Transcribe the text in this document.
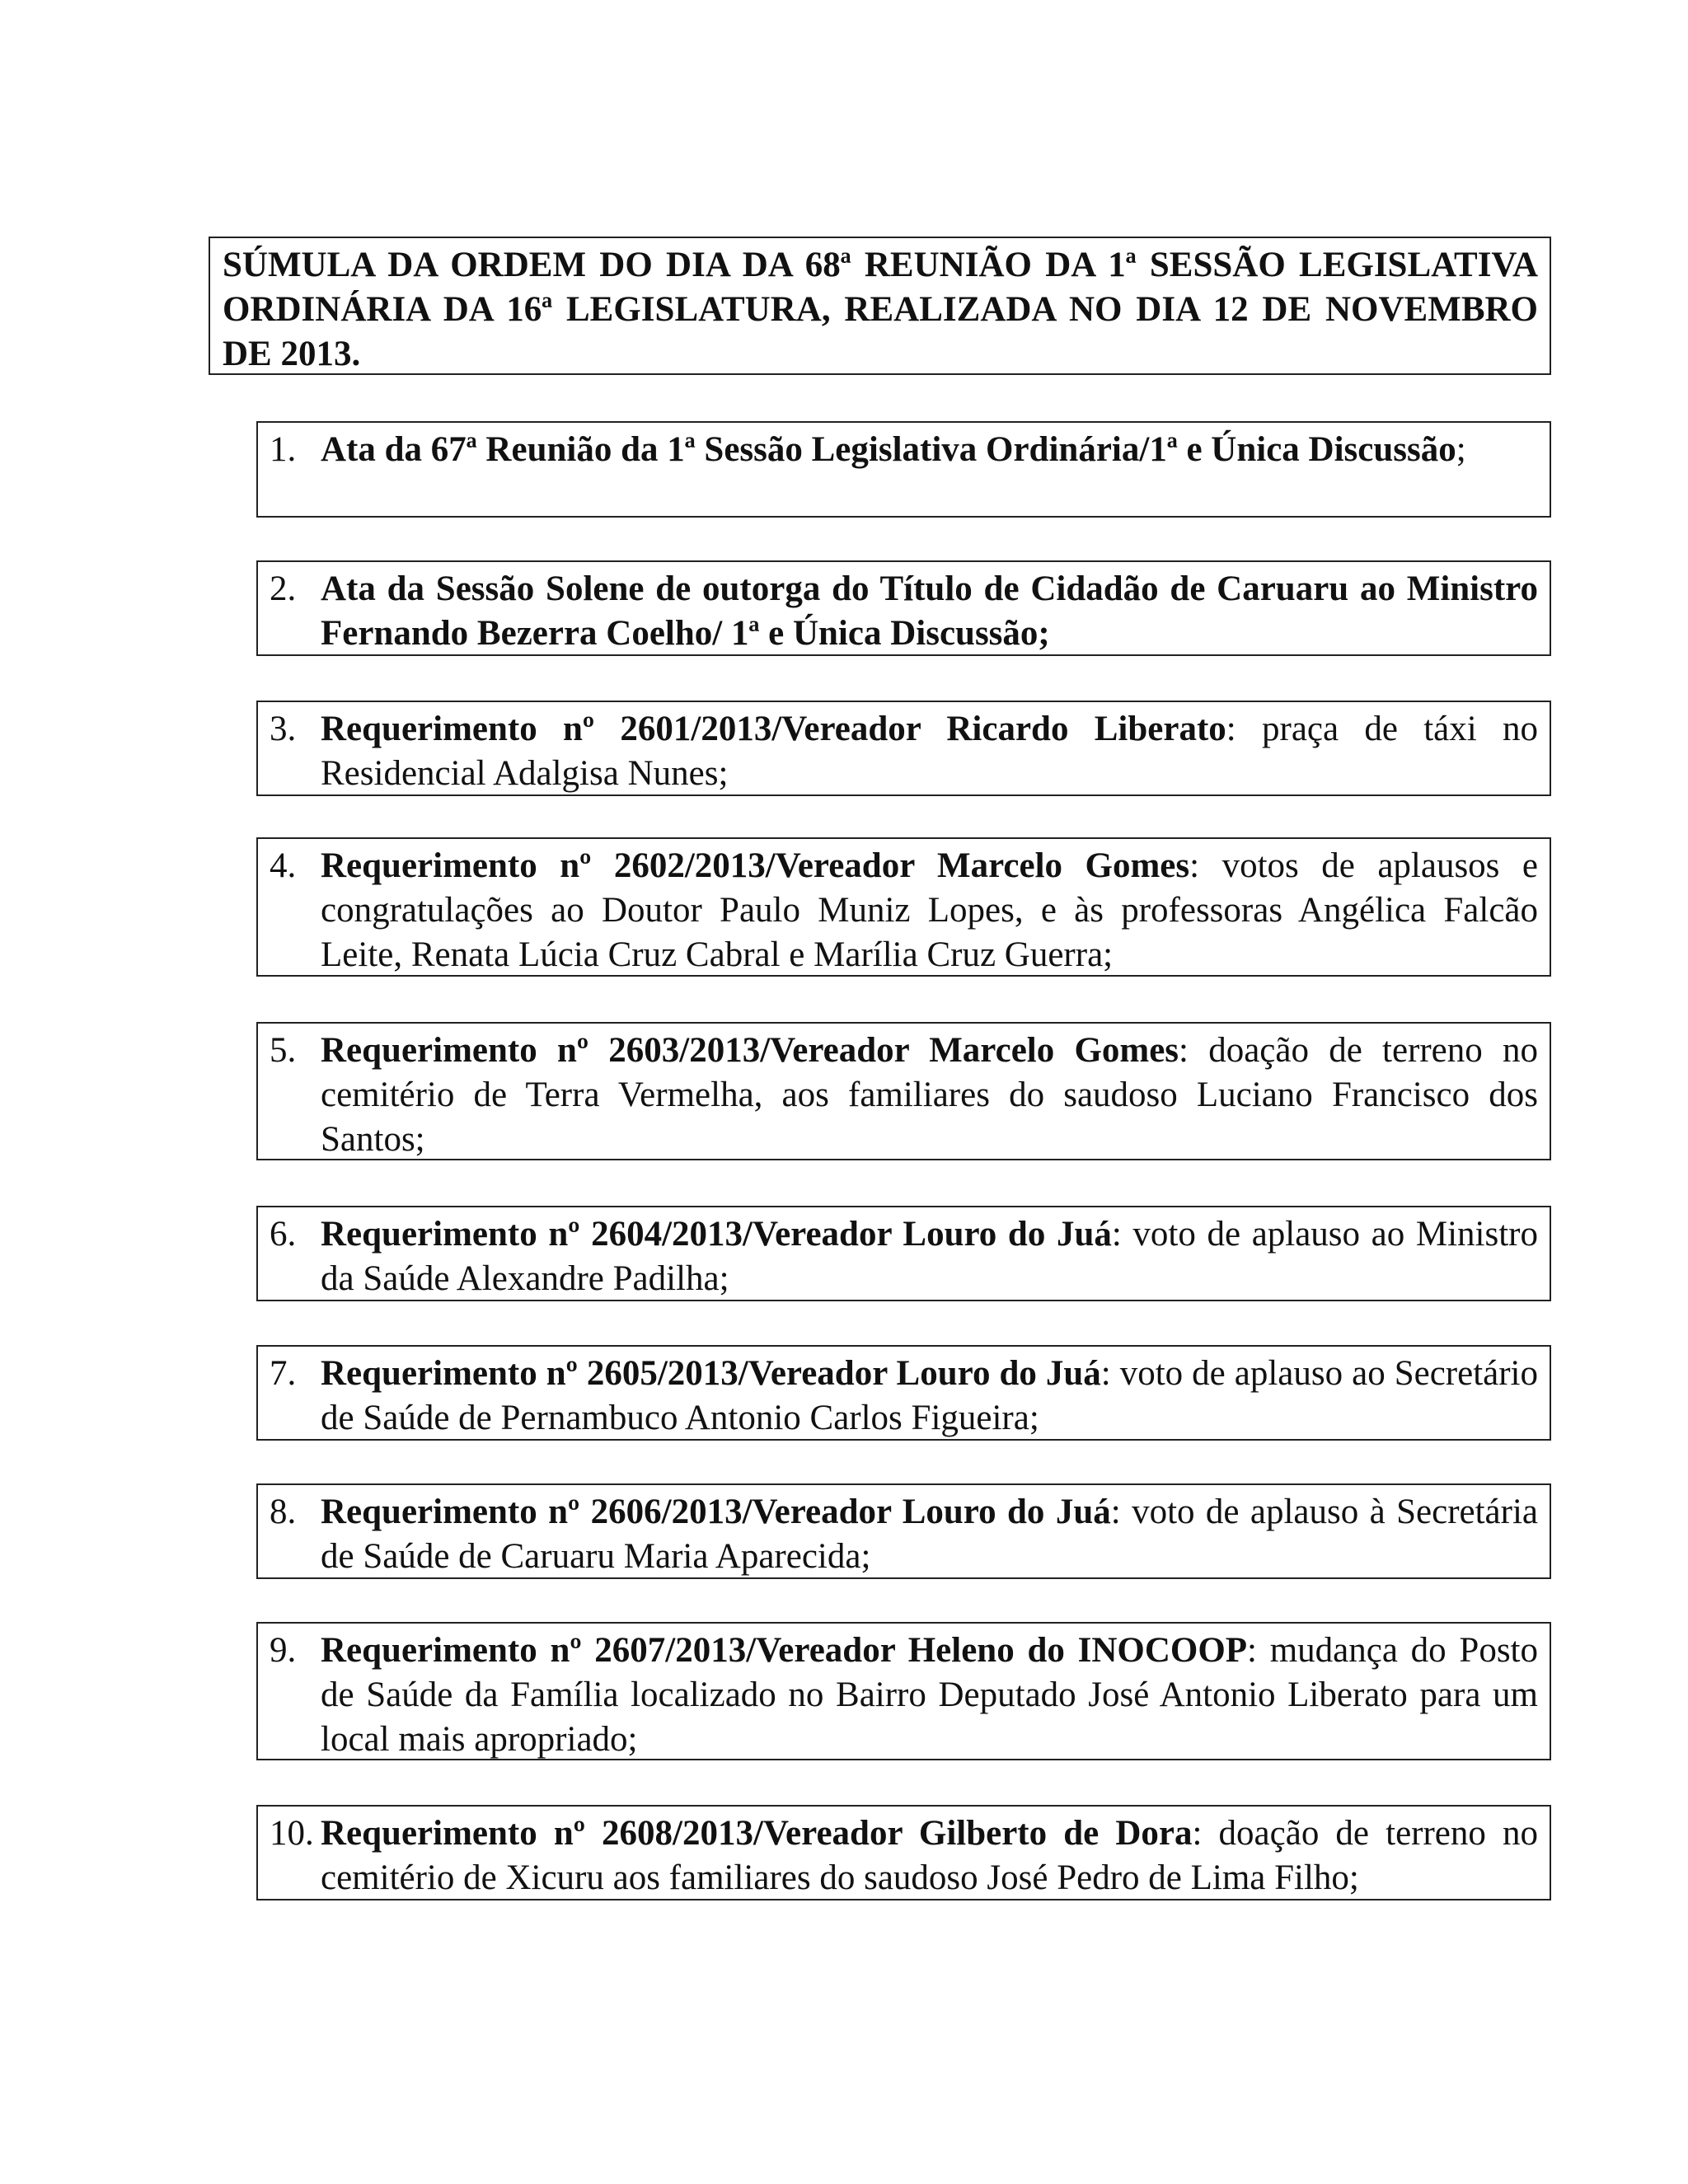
SÚMULA DA ORDEM DO DIA DA 68ª REUNIÃO DA 1ª SESSÃO LEGISLATIVA ORDINÁRIA DA 16ª LEGISLATURA, REALIZADA NO DIA 12 DE NOVEMBRO DE 2013.
1. Ata da 67ª Reunião da 1ª Sessão Legislativa Ordinária/1ª e Única Discussão;
2. Ata da Sessão Solene de outorga do Título de Cidadão de Caruaru ao Ministro Fernando Bezerra Coelho/ 1ª e Única Discussão;
3. Requerimento nº 2601/2013/Vereador Ricardo Liberato: praça de táxi no Residencial Adalgisa Nunes;
4. Requerimento nº 2602/2013/Vereador Marcelo Gomes: votos de aplausos e congratulações ao Doutor Paulo Muniz Lopes, e às professoras Angélica Falcão Leite, Renata Lúcia Cruz Cabral e Marília Cruz Guerra;
5. Requerimento nº 2603/2013/Vereador Marcelo Gomes: doação de terreno no cemitério de Terra Vermelha, aos familiares do saudoso Luciano Francisco dos Santos;
6. Requerimento nº 2604/2013/Vereador Louro do Juá: voto de aplauso ao Ministro da Saúde Alexandre Padilha;
7. Requerimento nº 2605/2013/Vereador Louro do Juá: voto de aplauso ao Secretário de Saúde de Pernambuco Antonio Carlos Figueira;
8. Requerimento nº 2606/2013/Vereador Louro do Juá: voto de aplauso à Secretária de Saúde de Caruaru Maria Aparecida;
9. Requerimento nº 2607/2013/Vereador Heleno do INOCOOP: mudança do Posto de Saúde da Família localizado no Bairro Deputado José Antonio Liberato para um local mais apropriado;
10. Requerimento nº 2608/2013/Vereador Gilberto de Dora: doação de terreno no cemitério de Xicuru aos familiares do saudoso José Pedro de Lima Filho;
